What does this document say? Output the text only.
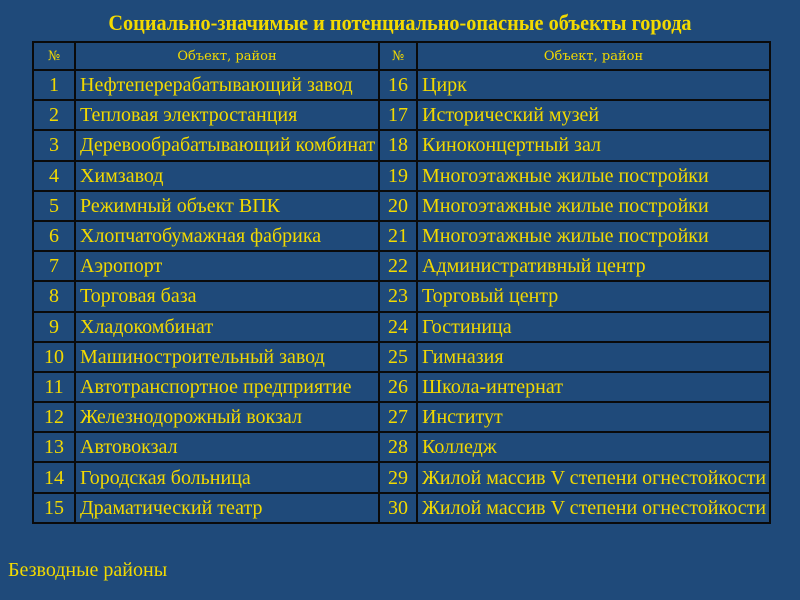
Социально-значимые и потенциально-опасные объекты города
№	Объект, район	№	Объект, район
1	Нефтеперерабатывающий завод	16	Цирк
2	Тепловая электростанция	17	Исторический музей
3	Деревообрабатывающий комбинат	18	Киноконцертный зал
4	Химзавод	19	Многоэтажные жилые постройки
5	Режимный объект ВПК	20	Многоэтажные жилые постройки
6	Хлопчатобумажная фабрика	21	Многоэтажные жилые постройки
7	Аэропорт	22	Административный центр
8	Торговая база	23	Торговый центр
9	Хладокомбинат	24	Гостиница
10	Машиностроительный завод	25	Гимназия
11	Автотранспортное предприятие	26	Школа-интернат
12	Железнодорожный вокзал	27	Институт
13	Автовокзал	28	Колледж
14	Городская больница	29	Жилой массив V степени огнестойкости
15	Драматический театр	30	Жилой массив V степени огнестойкости
Безводные районы
